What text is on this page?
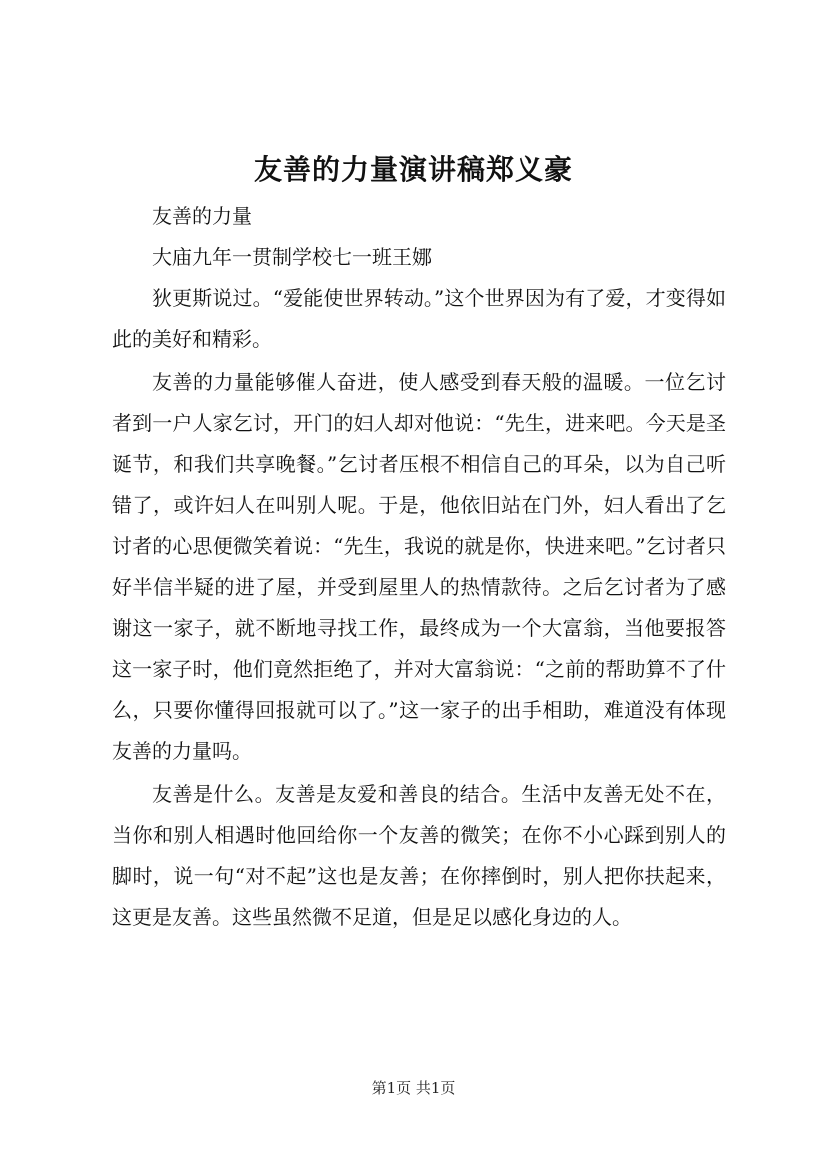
友善的力量演讲稿郑义豪

友善的力量

大庙九年一贯制学校七一班王娜

狄更斯说过。“爱能使世界转动。”这个世界因为有了爱，才变得如此的美好和精彩。

友善的力量能够催人奋进，使人感受到春天般的温暖。一位乞讨者到一户人家乞讨，开门的妇人却对他说：“先生，进来吧。今天是圣诞节，和我们共享晚餐。”乞讨者压根不相信自己的耳朵，以为自己听错了，或许妇人在叫别人呢。于是，他依旧站在门外，妇人看出了乞讨者的心思便微笑着说：“先生，我说的就是你，快进来吧。”乞讨者只好半信半疑的进了屋，并受到屋里人的热情款待。之后乞讨者为了感谢这一家子，就不断地寻找工作，最终成为一个大富翁，当他要报答这一家子时，他们竟然拒绝了，并对大富翁说：“之前的帮助算不了什么，只要你懂得回报就可以了。”这一家子的出手相助，难道没有体现友善的力量吗。

友善是什么。友善是友爱和善良的结合。生活中友善无处不在，当你和别人相遇时他回给你一个友善的微笑；在你不小心踩到别人的脚时，说一句“对不起”这也是友善；在你摔倒时，别人把你扶起来，这更是友善。这些虽然微不足道，但是足以感化身边的人。

第1页 共1页
